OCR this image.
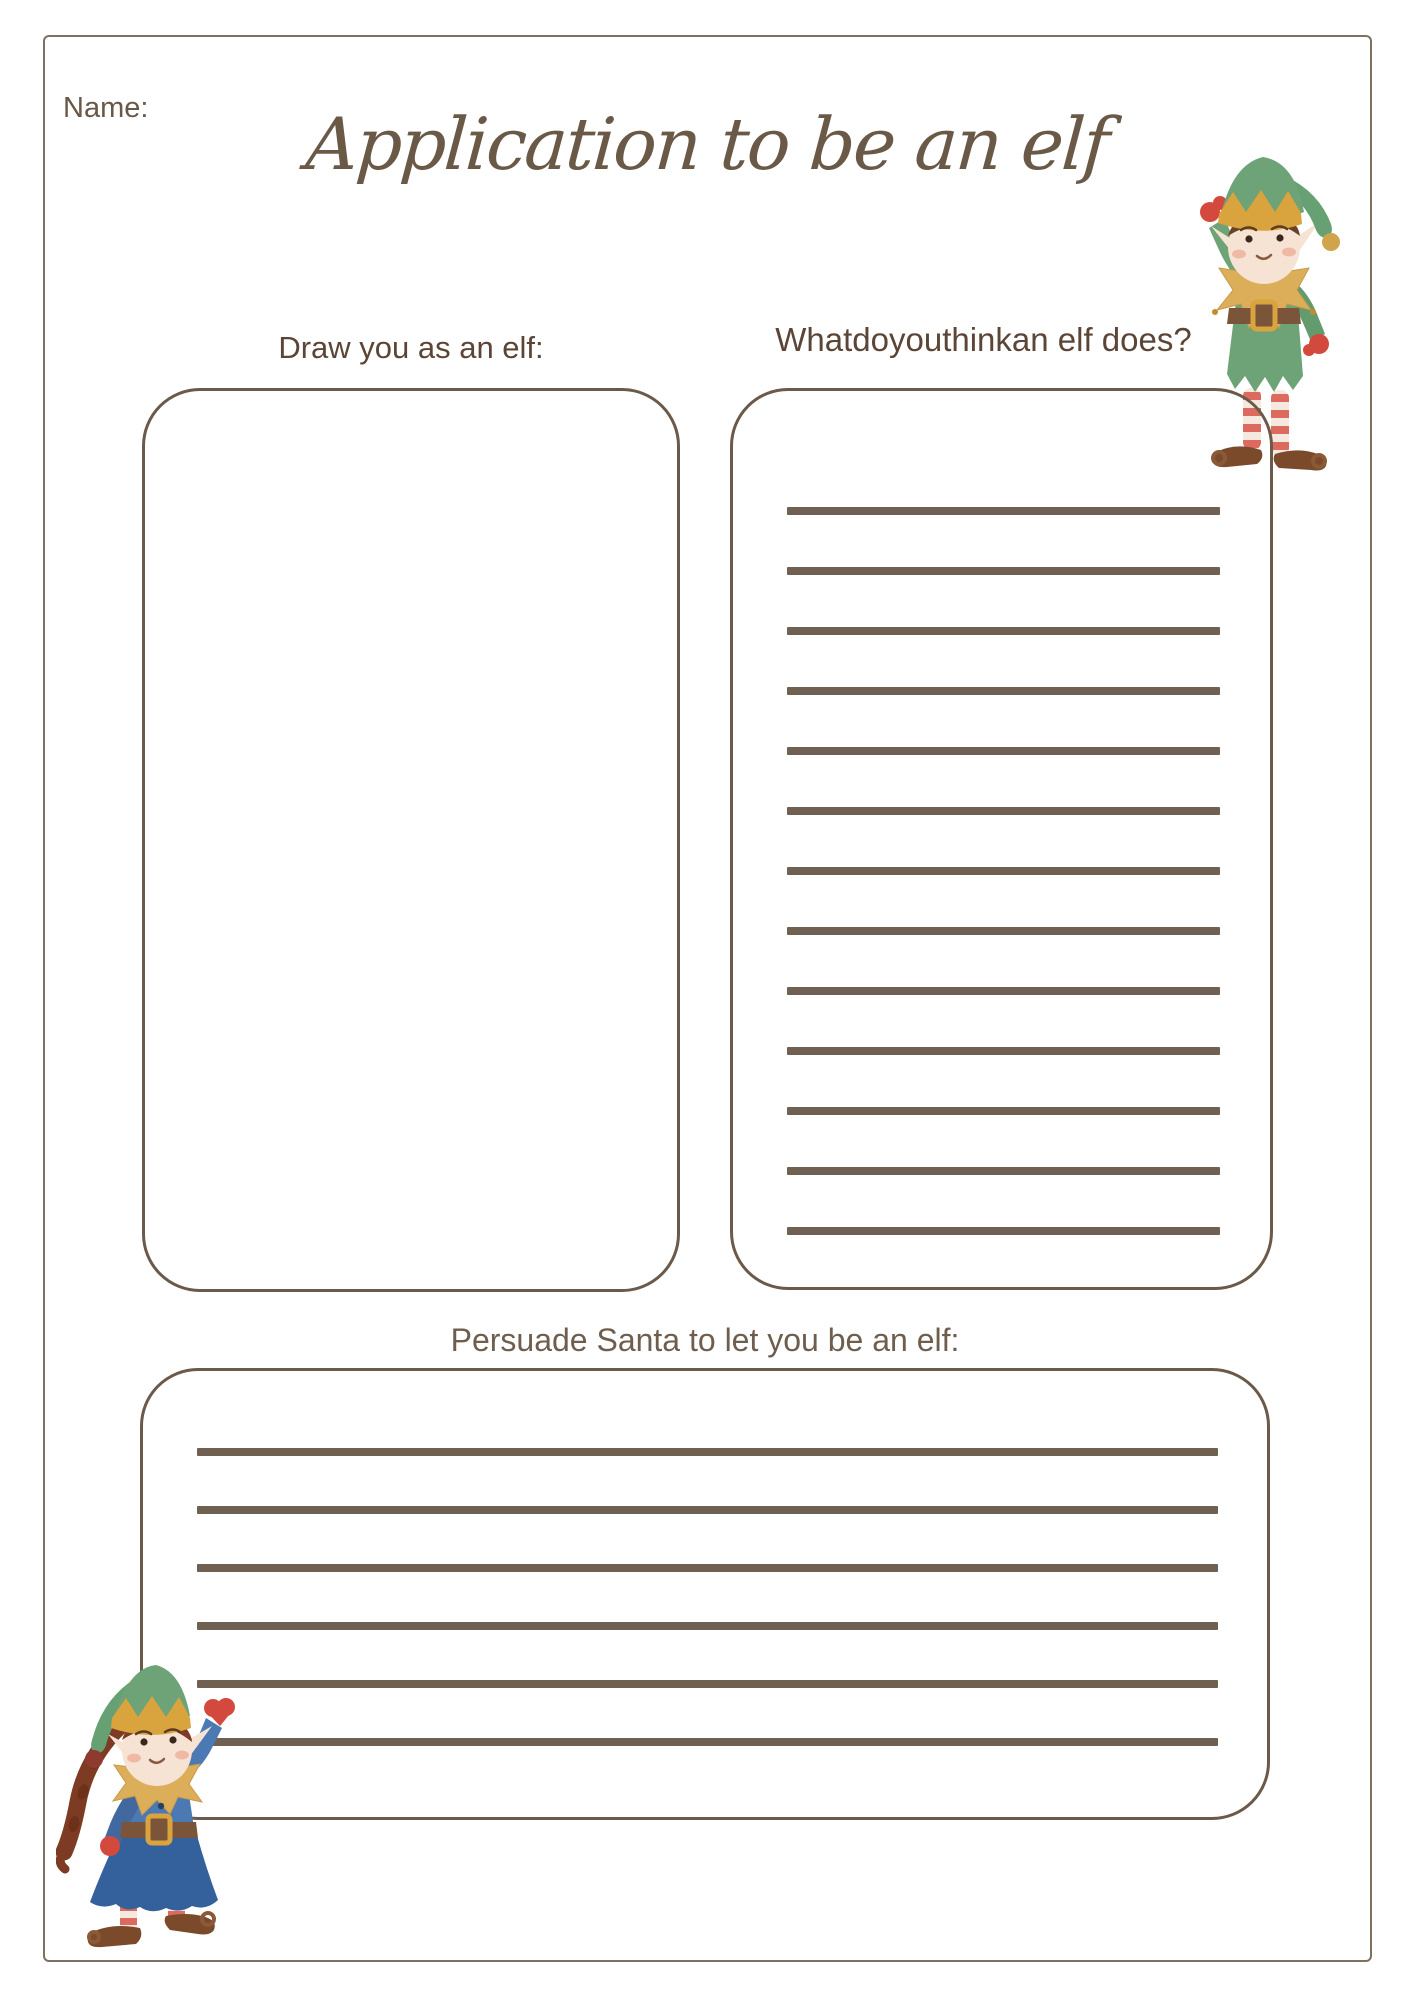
Name:	Application to be an elf
Draw you as an elf:	Whatdoyouthinkan elf does?
Persuade Santa to let you be an elf:
